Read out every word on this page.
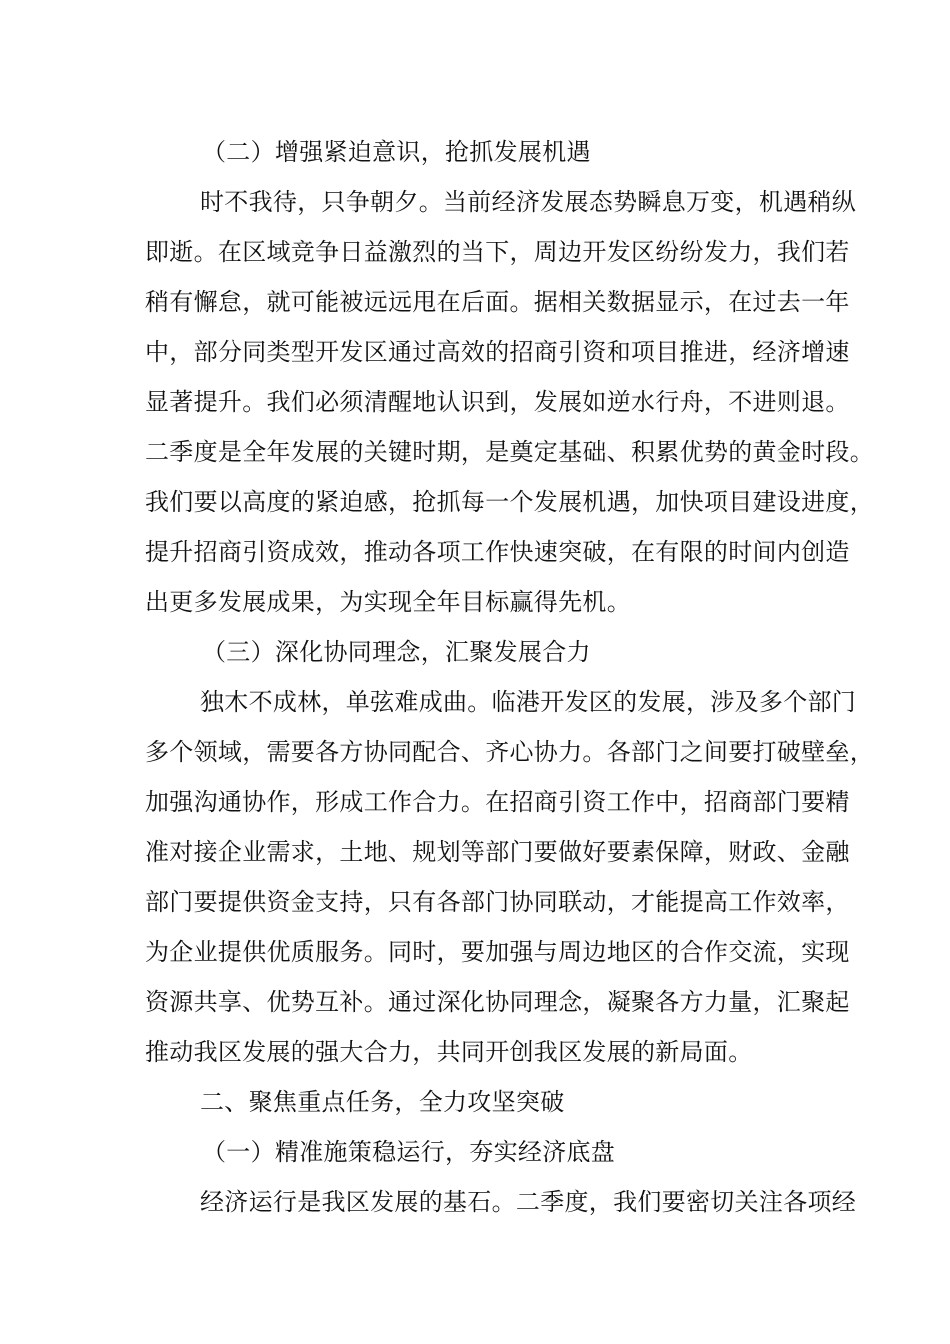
（二）增强紧迫意识，抢抓发展机遇
时不我待，只争朝夕。当前经济发展态势瞬息万变，机遇稍纵
即逝。在区域竞争日益激烈的当下，周边开发区纷纷发力，我们若
稍有懈怠，就可能被远远甩在后面。据相关数据显示，在过去一年
中，部分同类型开发区通过高效的招商引资和项目推进，经济增速
显著提升。我们必须清醒地认识到，发展如逆水行舟，不进则退。
二季度是全年发展的关键时期，是奠定基础、积累优势的黄金时段。
我们要以高度的紧迫感，抢抓每一个发展机遇，加快项目建设进度，
提升招商引资成效，推动各项工作快速突破，在有限的时间内创造
出更多发展成果，为实现全年目标赢得先机。
（三）深化协同理念，汇聚发展合力
独木不成林，单弦难成曲。临港开发区的发展，涉及多个部门
多个领域，需要各方协同配合、齐心协力。各部门之间要打破壁垒，
加强沟通协作，形成工作合力。在招商引资工作中，招商部门要精
准对接企业需求，土地、规划等部门要做好要素保障，财政、金融
部门要提供资金支持，只有各部门协同联动，才能提高工作效率，
为企业提供优质服务。同时，要加强与周边地区的合作交流，实现
资源共享、优势互补。通过深化协同理念，凝聚各方力量，汇聚起
推动我区发展的强大合力，共同开创我区发展的新局面。
二、聚焦重点任务，全力攻坚突破
（一）精准施策稳运行，夯实经济底盘
经济运行是我区发展的基石。二季度，我们要密切关注各项经
